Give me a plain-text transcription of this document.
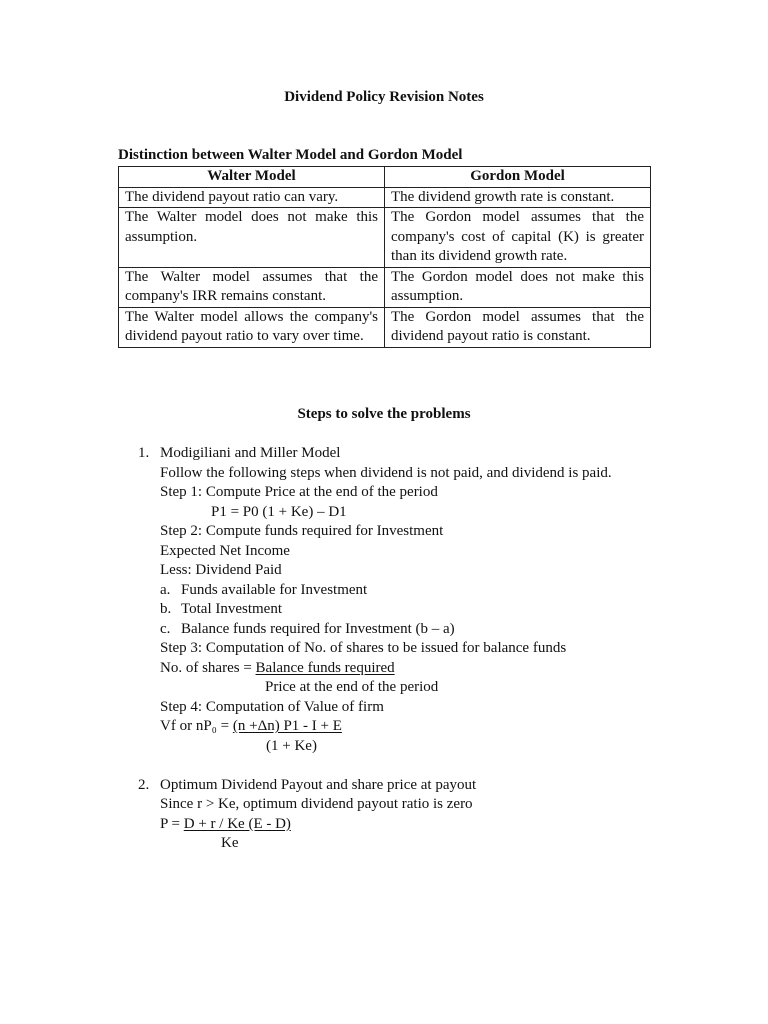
Dividend Policy Revision Notes
Distinction between Walter Model and Gordon Model
Walter Model	Gordon Model
The dividend payout ratio can vary.	The dividend growth rate is constant.
The Walter model does not make this assumption.	The Gordon model assumes that the company's cost of capital (K) is greater than its dividend growth rate.
The Walter model assumes that the company's IRR remains constant.	The Gordon model does not make this assumption.
The Walter model allows the company's dividend payout ratio to vary over time.	The Gordon model assumes that the dividend payout ratio is constant.
Steps to solve the problems
1. Modigiliani and Miller Model
Follow the following steps when dividend is not paid, and dividend is paid.
Step 1: Compute Price at the end of the period
P1 = P0 (1 + Ke) – D1
Step 2: Compute funds required for Investment
Expected Net Income
Less: Dividend Paid
a. Funds available for Investment
b. Total Investment
c. Balance funds required for Investment (b – a)
Step 3: Computation of No. of shares to be issued for balance funds
No. of shares = Balance funds required
Price at the end of the period
Step 4: Computation of Value of firm
Vf or nP₀ = (n +Δn) P1 - I + E
(1 + Ke)
2. Optimum Dividend Payout and share price at payout
Since r > Ke, optimum dividend payout ratio is zero
P = D + r / Ke (E - D)
Ke
